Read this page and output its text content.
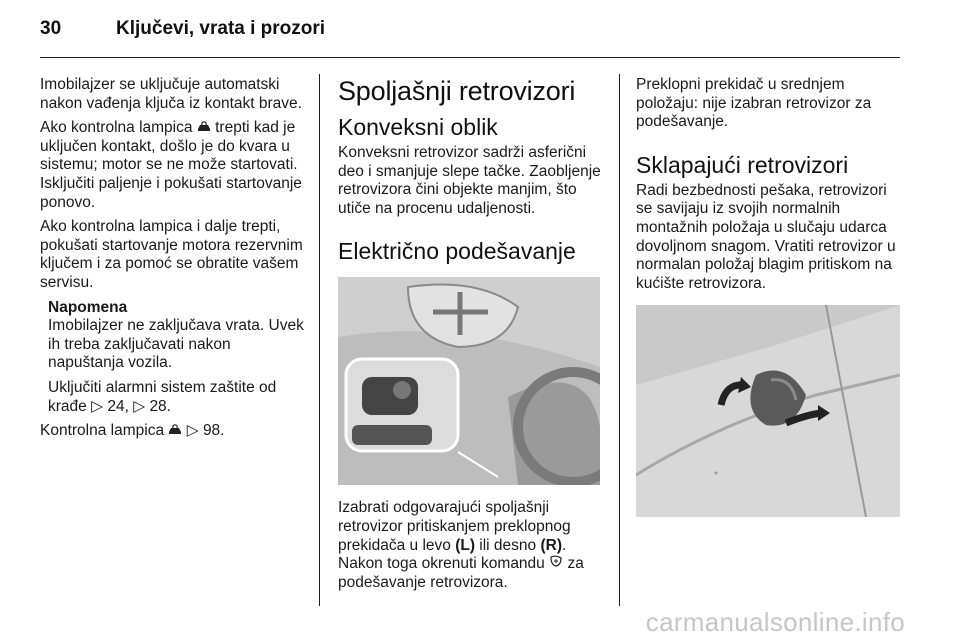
30	Ključevi, vrata i prozori

Imobilajzer se uključuje automatski nakon vađenja ključa iz kontakt brave.

Ako kontrolna lampica trepti kad je uključen kontakt, došlo je do kvara u sistemu; motor se ne može startovati. Isključiti paljenje i pokušati startovanje ponovo.

Ako kontrolna lampica i dalje trepti, pokušati startovanje motora rezervnim ključem i za pomoć se obratite vašem servisu.

Napomena

Imobilajzer ne zaključava vrata. Uvek ih treba zaključavati nakon napuštanja vozila.

Uključiti alarmni sistem zaštite od krađe ▷ 24, ▷ 28.

Kontrolna lampica ▷ 98.

Spoljašnji retrovizori
Konveksni oblik

Konveksni retrovizor sadrži asferični deo i smanjuje slepe tačke. Zaobljenje retrovizora čini objekte manjim, što utiče na procenu udaljenosti.

Električno podešavanje

Izabrati odgovarajući spoljašnji retrovizor pritiskanjem preklopnog prekidača u levo (L) ili desno (R). Nakon toga okrenuti komandu za podešavanje retrovizora.

Preklopni prekidač u srednjem položaju: nije izabran retrovizor za podešavanje.

Sklapajući retrovizori

Radi bezbednosti pešaka, retrovizori se savijaju iz svojih normalnih montažnih položaja u slučaju udarca dovoljnom snagom. Vratiti retrovizor u normalan položaj blagim pritiskom na kućište retrovizora.

carmanualsonline.info
